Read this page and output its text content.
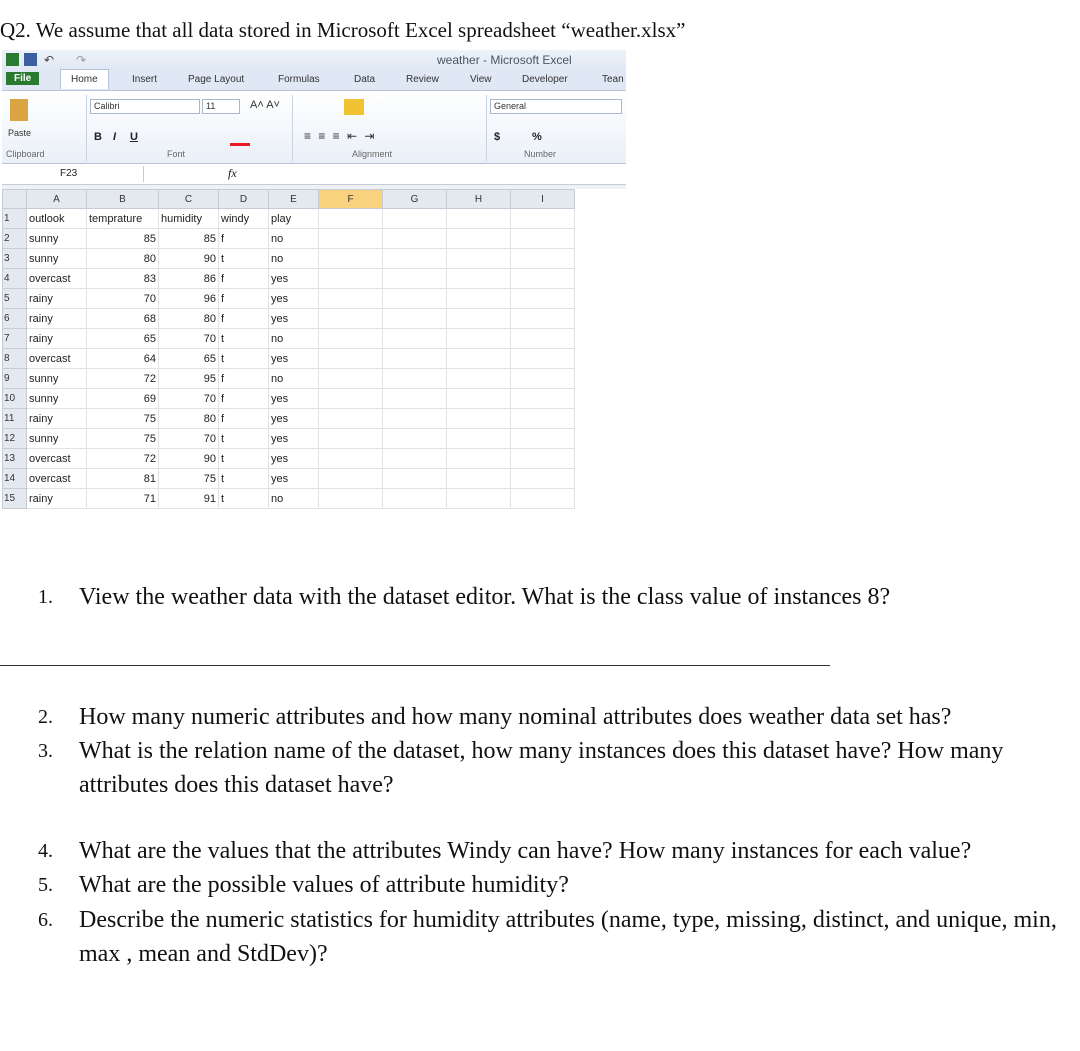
Q2. We assume that all data stored in Microsoft Excel spreadsheet “weather.xlsx”
↶ ↷	weather - Microsoft Excel
File	Home	Insert	Page Layout	Formulas	Data	Review	View	Developer	Tean
Paste
Clipboard
Calibri	11
B I U
A˄ A˅
Font
≡ ≡ ≡ ⇤ ⇥
Alignment
General
$	%
Number
F23	fx
	A	B	C	D	E	F	G	H	I
1	outlook	temprature	humidity	windy	play				
2	sunny	85	85	f	no				
3	sunny	80	90	t	no				
4	overcast	83	86	f	yes				
5	rainy	70	96	f	yes				
6	rainy	68	80	f	yes				
7	rainy	65	70	t	no				
8	overcast	64	65	t	yes				
9	sunny	72	95	f	no				
10	sunny	69	70	f	yes				
11	rainy	75	80	f	yes				
12	sunny	75	70	t	yes				
13	overcast	72	90	t	yes				
14	overcast	81	75	t	yes				
15	rainy	71	91	t	no				
1. View the weather data with the dataset editor. What is the class value of instances 8?
2. How many numeric attributes and how many nominal attributes does weather data set has?
3. What is the relation name of the dataset, how many instances does this dataset have? How many attributes does this dataset have?
4. What are the values that the attributes Windy can have? How many instances for each value?
5. What are the possible values of attribute humidity?
6. Describe the numeric statistics for humidity attributes (name, type, missing, distinct, and unique, min, max , mean and StdDev)?
